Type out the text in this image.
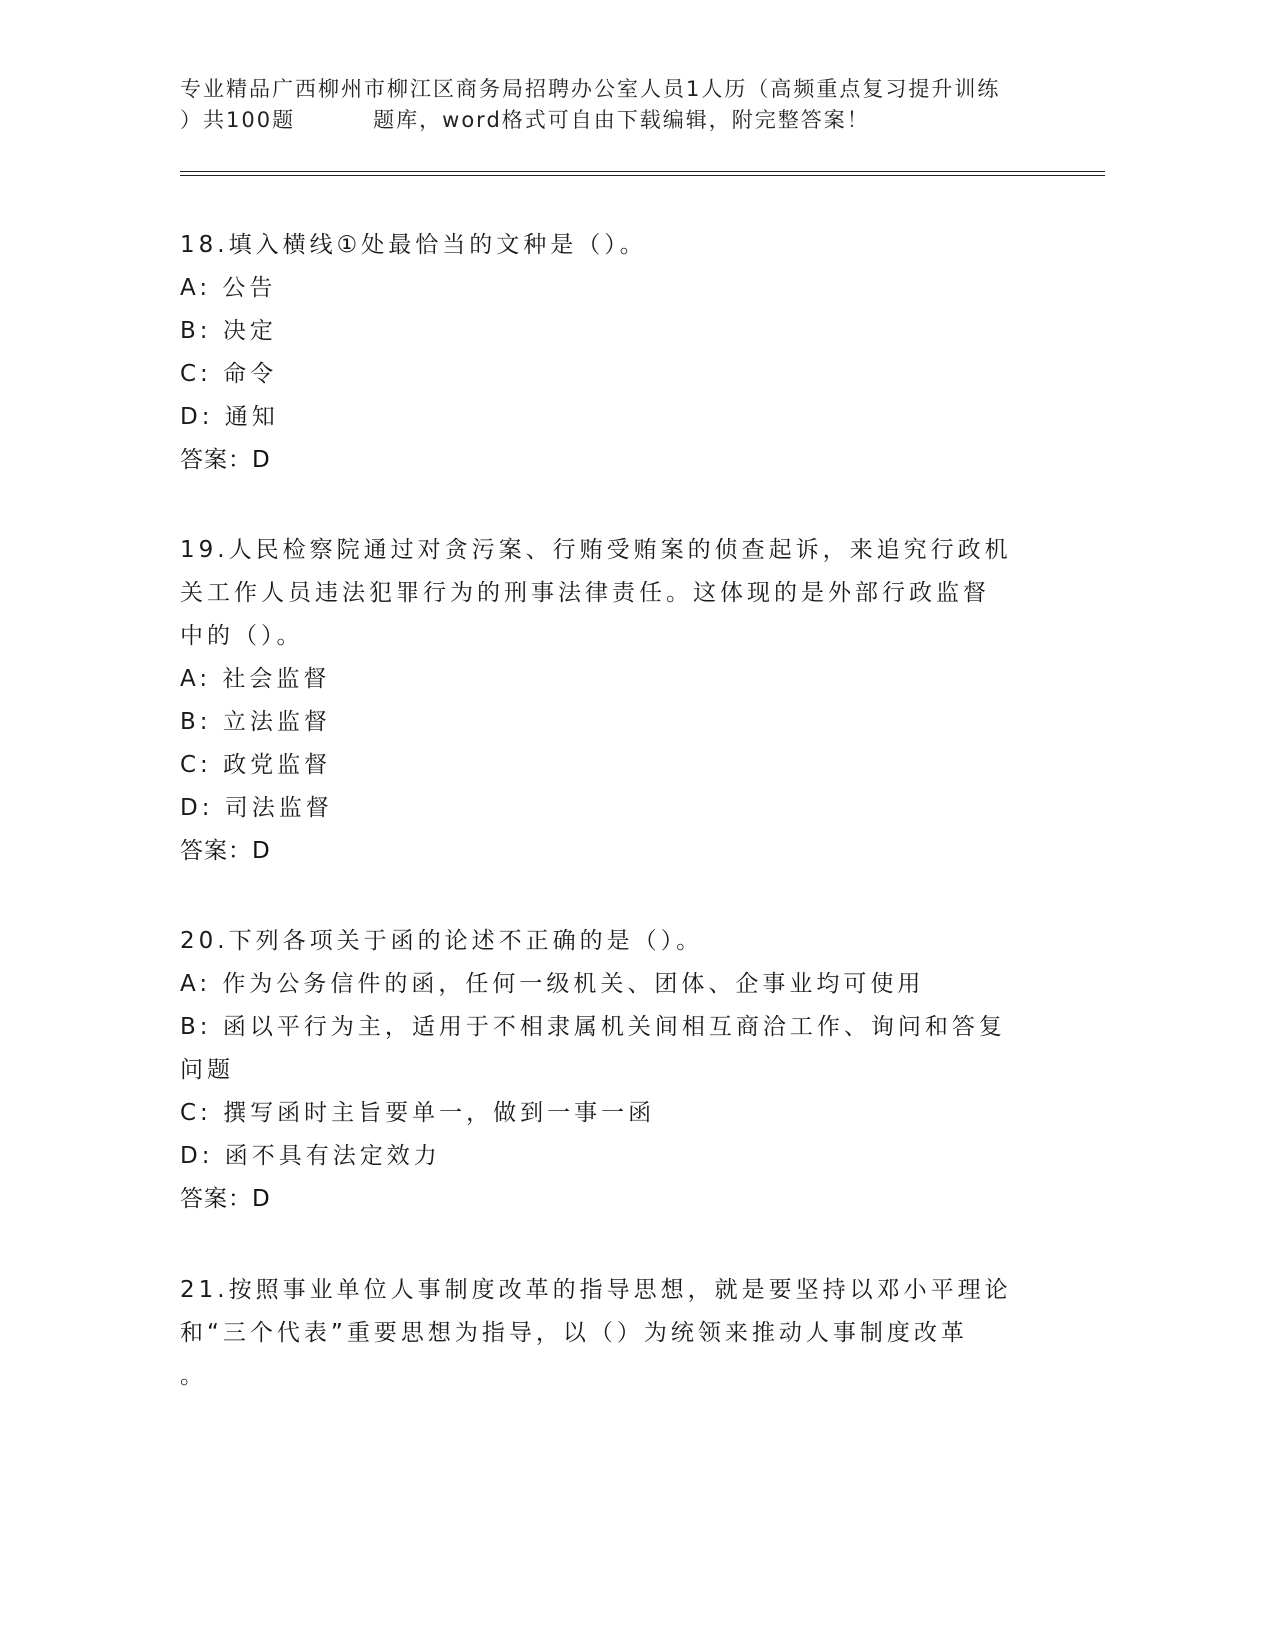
专业精品广西柳州市柳江区商务局招聘办公室人员1人历（高频重点复习提升训练
）共100题         题库，word格式可自由下载编辑，附完整答案！
18.填入横线①处最恰当的文种是（）。
A: 公告
B: 决定
C: 命令
D: 通知
答案：D
19.人民检察院通过对贪污案、行贿受贿案的侦查起诉，来追究行政机
关工作人员违法犯罪行为的刑事法律责任。这体现的是外部行政监督
中的（）。
A: 社会监督
B: 立法监督
C: 政党监督
D: 司法监督
答案：D
20.下列各项关于函的论述不正确的是（）。
A: 作为公务信件的函，任何一级机关、团体、企事业均可使用
B: 函以平行为主，适用于不相隶属机关间相互商洽工作、询问和答复
问题
C: 撰写函时主旨要单一，做到一事一函
D: 函不具有法定效力
答案：D
21.按照事业单位人事制度改革的指导思想，就是要坚持以邓小平理论
和“三个代表”重要思想为指导，以（）为统领来推动人事制度改革
。
